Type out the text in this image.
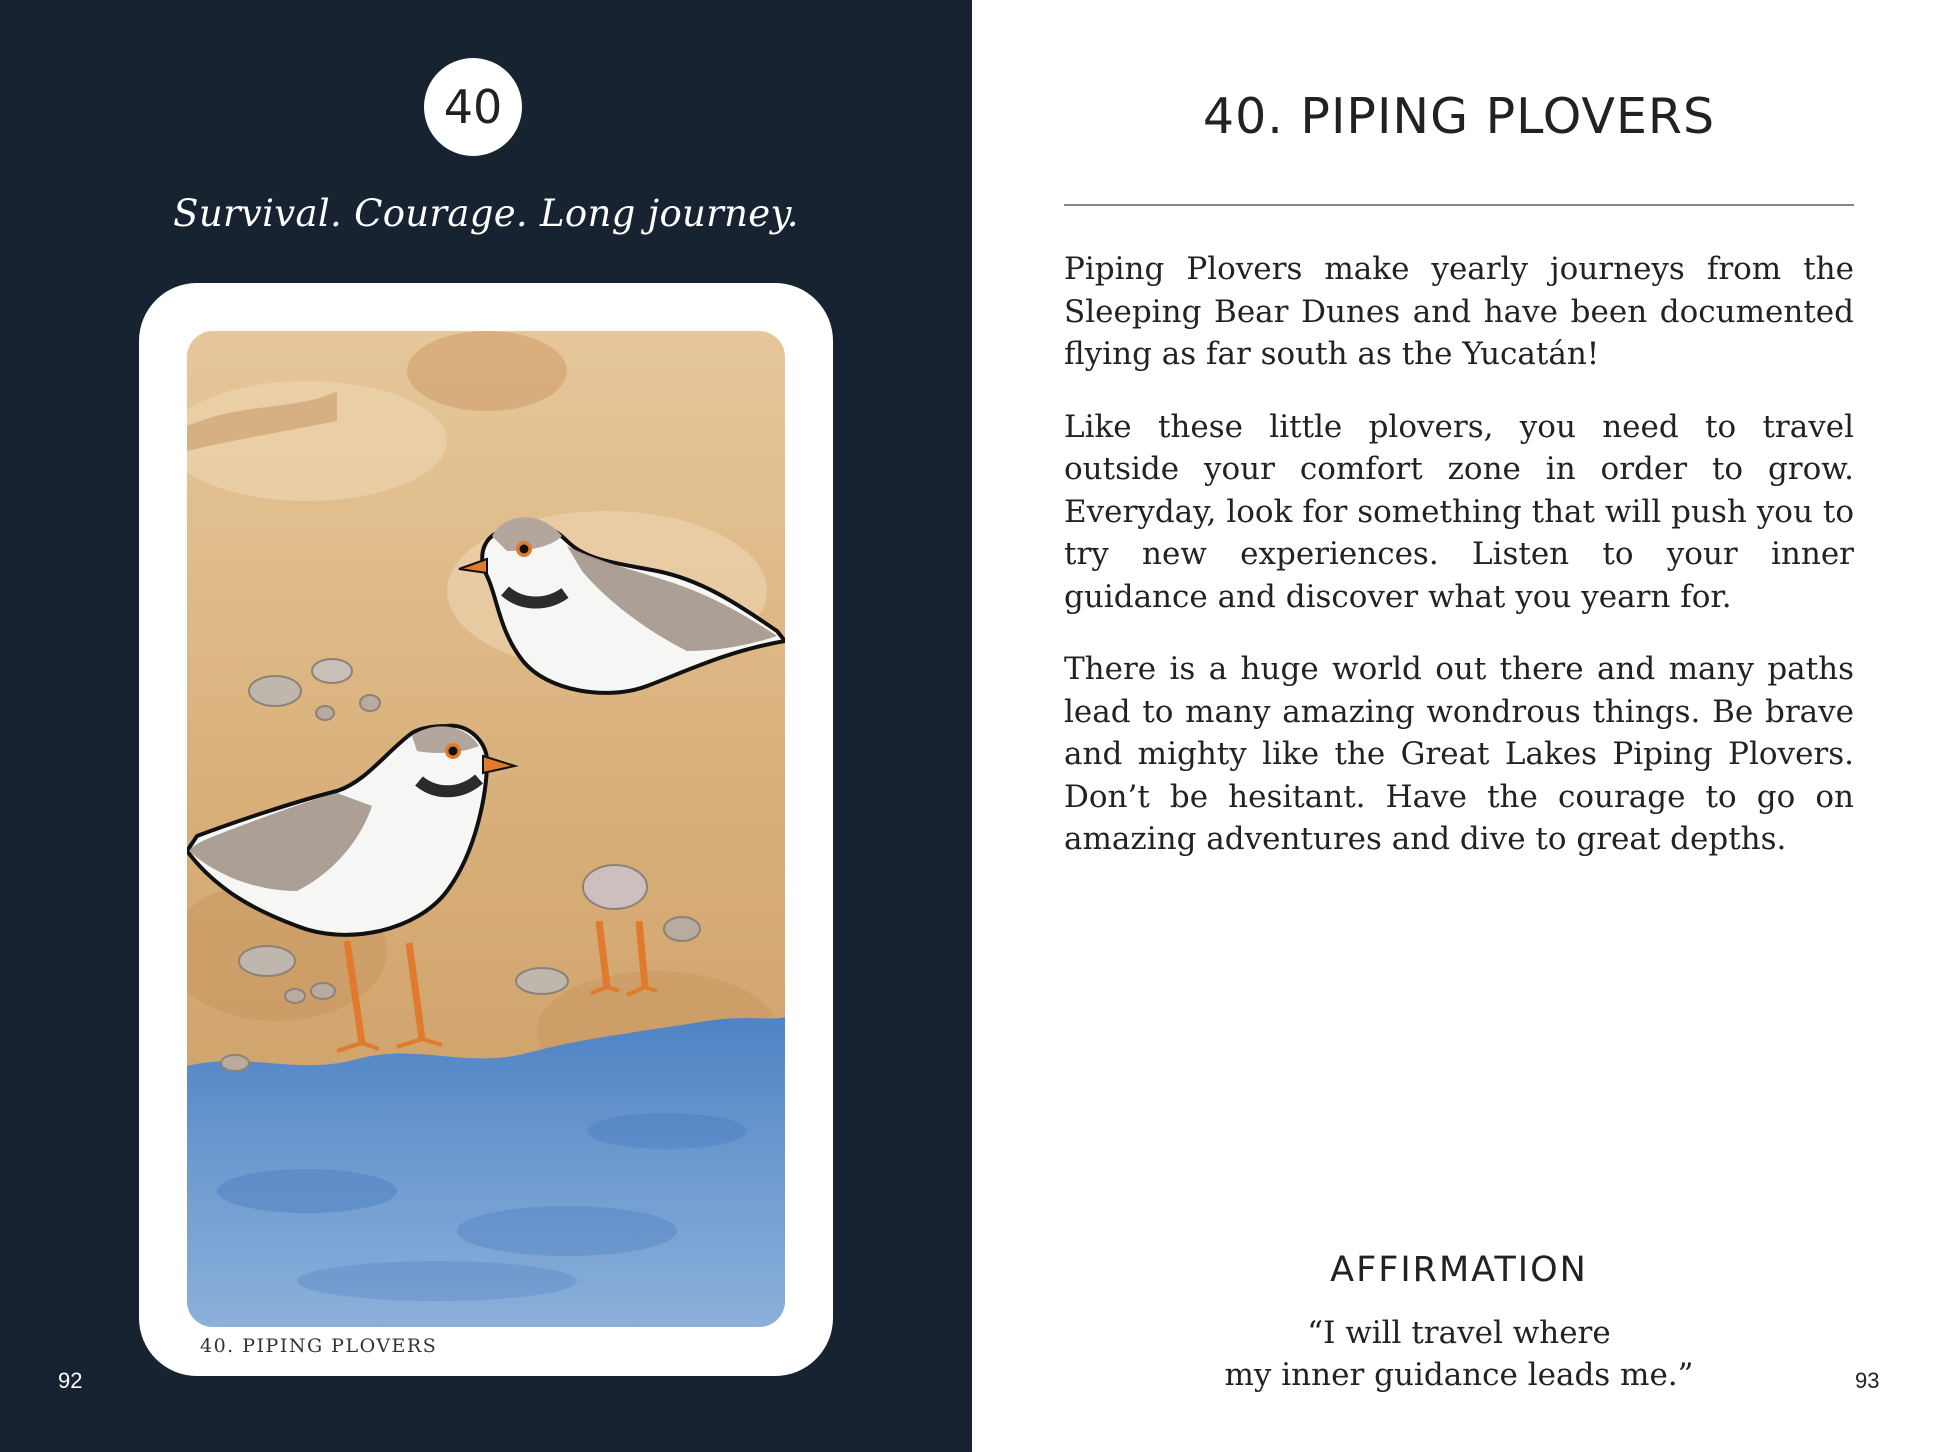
40
Survival. Courage. Long journey.
40. PIPING PLOVERS
92
40. PIPING PLOVERS

Piping Plovers make yearly journeys from the Sleeping Bear Dunes and have been documented flying as far south as the Yucatán!

Like these little plovers, you need to travel outside your comfort zone in order to grow. Everyday, look for something that will push you to try new experiences. Listen to your inner guidance and discover what you yearn for.

There is a huge world out there and many paths lead to many amazing wondrous things. Be brave and mighty like the Great Lakes Piping Plovers. Don’t be hesitant. Have the courage to go on amazing adventures and dive to great depths.

AFFIRMATION
“I will travel where
my inner guidance leads me.”	93
